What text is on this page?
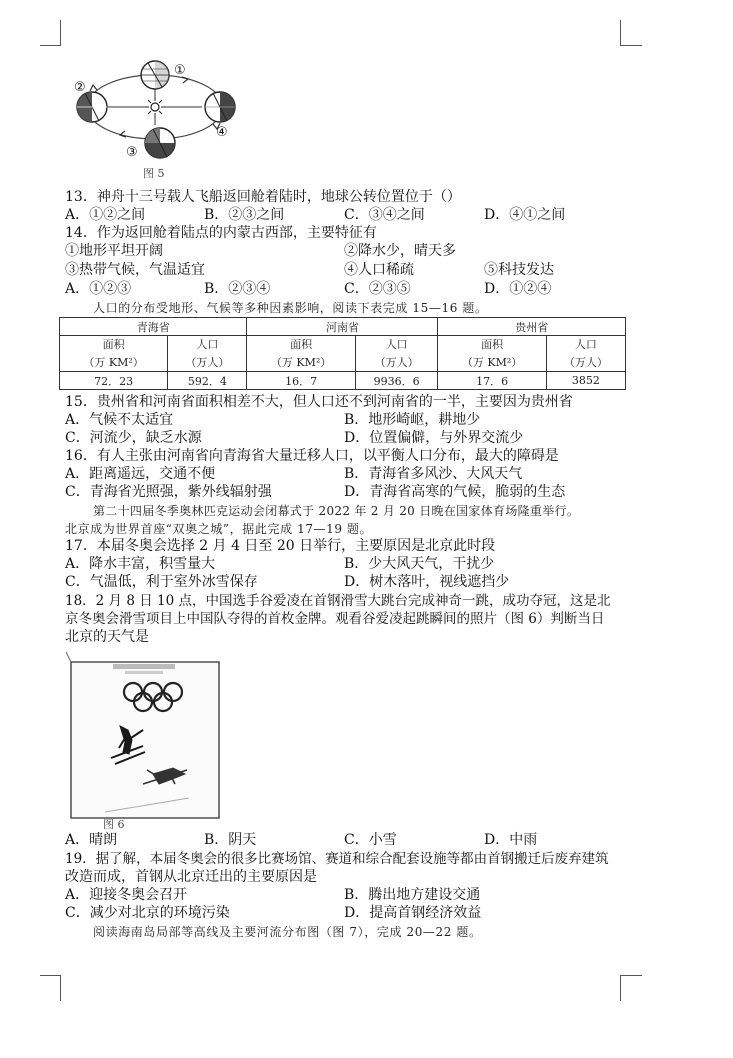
①
②
③
④
图 5
13．神舟十三号载人飞船返回舱着陆时，地球公转位置位于（）
A．①②之间	B．②③之间	C．③④之间	D．④①之间
14．作为返回舱着陆点的内蒙古西部，主要特征有
①地形平坦开阔	②降水少，晴天多
③热带气候，气温适宜	④人口稀疏	⑤科技发达
A．①②③	B．②③④	C．②③⑤	D．①②④
人口的分布受地形、气候等多种因素影响，阅读下表完成 15—16 题。
青海省		河南省		贵州省	
面积	人口	面积	人口	面积	人口
（万 KM²）	（万人）	（万 KM²）	（万人）	（万 KM²）	（万人）
72．23	592．4	16．7	9936．6	17．6	3852
15．贵州省和河南省面积相差不大，但人口还不到河南省的一半，主要因为贵州省
A．气候不太适宜	B．地形崎岖，耕地少
C．河流少，缺乏水源	D．位置偏僻，与外界交流少
16．有人主张由河南省向青海省大量迁移人口，以平衡人口分布，最大的障碍是
A．距离遥远，交通不便	B．青海省多风沙、大风天气
C．青海省光照强，紫外线辐射强	D．青海省高寒的气候，脆弱的生态
第二十四届冬季奥林匹克运动会闭幕式于 2022 年 2 月 20 日晚在国家体育场隆重举行。
北京成为世界首座“双奥之城”，据此完成 17—19 题。
17．本届冬奥会选择 2 月 4 日至 20 日举行，主要原因是北京此时段
A．降水丰富，积雪量大	B．少大风天气，干扰少
C．气温低，利于室外冰雪保存	D．树木落叶，视线遮挡少
18．2 月 8 日 10 点，中国选手谷爱凌在首钢滑雪大跳台完成神奇一跳，成功夺冠，这是北
京冬奥会滑雪项目上中国队夺得的首枚金牌。观看谷爱凌起跳瞬间的照片（图 6）判断当日
北京的天气是
图 6
A．晴朗	B．阴天	C．小雪	D．中雨
19．据了解，本届冬奥会的很多比赛场馆、赛道和综合配套设施等都由首钢搬迁后废弃建筑
改造而成，首钢从北京迁出的主要原因是
A．迎接冬奥会召开	B．腾出地方建设交通
C．减少对北京的环境污染	D．提高首钢经济效益
阅读海南岛局部等高线及主要河流分布图（图 7），完成 20—22 题。
